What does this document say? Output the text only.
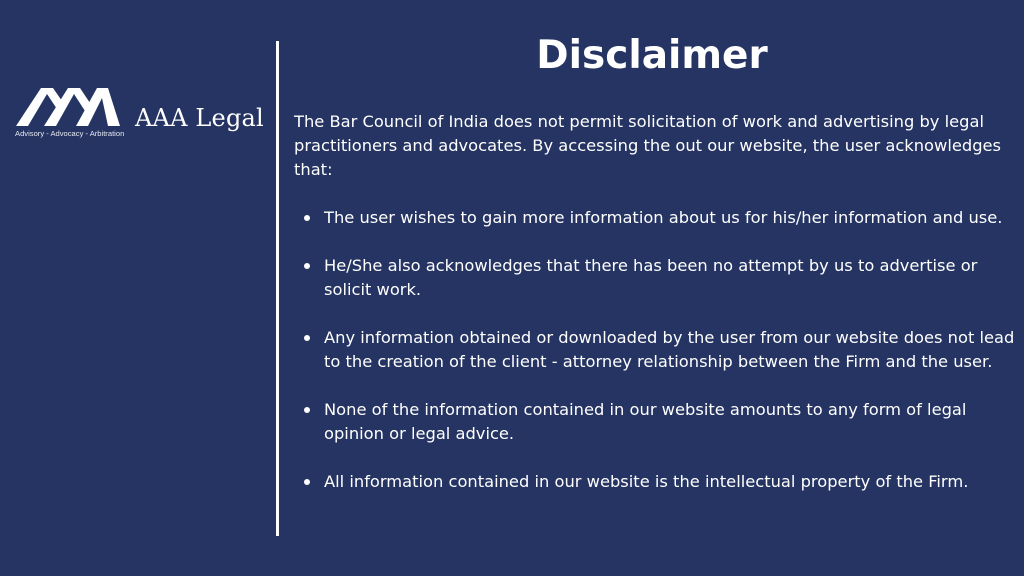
AAA Legal
Advisory - Advocacy - Arbitration
Disclaimer

The Bar Council of India does not permit solicitation of work and advertising by legal practitioners and advocates. By accessing the out our website, the user acknowledges that:

The user wishes to gain more information about us for his/her information and use.
He/She also acknowledges that there has been no attempt by us to advertise or solicit work.
Any information obtained or downloaded by the user from our website does not lead to the creation of the client - attorney relationship between the Firm and the user.
None of the information contained in our website amounts to any form of legal opinion or legal advice.
All information contained in our website is the intellectual property of the Firm.
